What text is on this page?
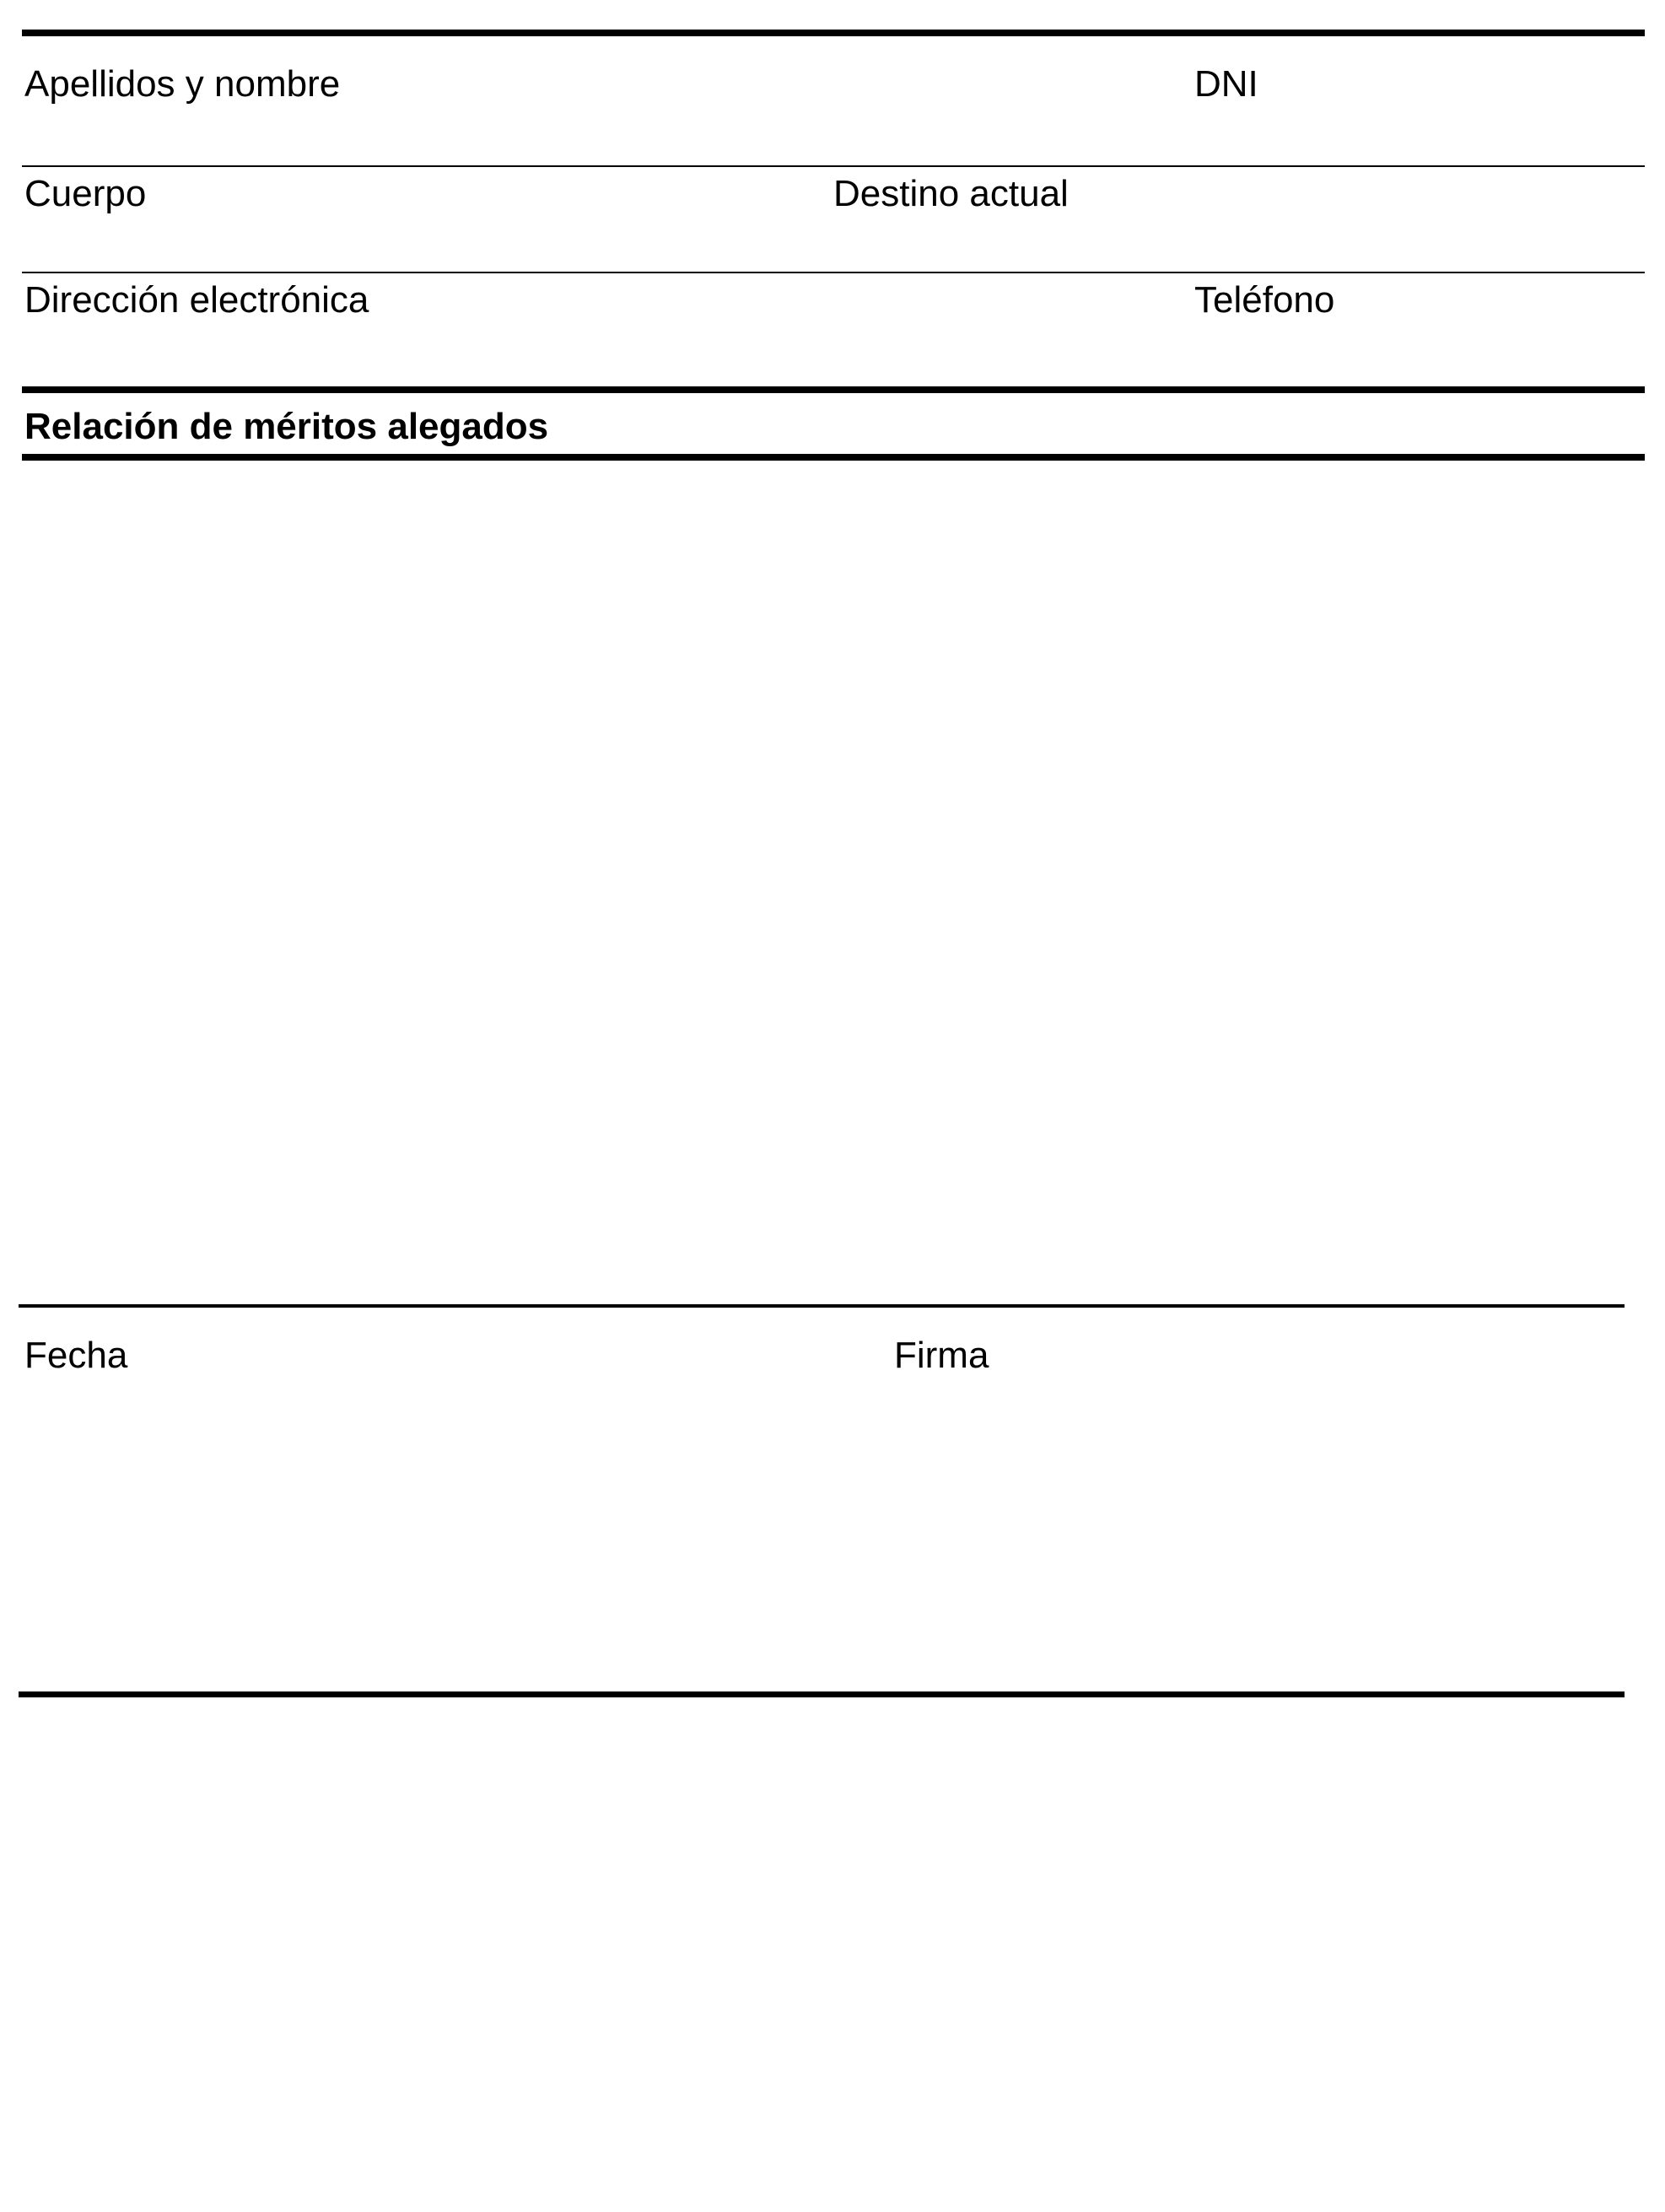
Apellidos y nombre	DNI
Cuerpo	Destino actual
Dirección electrónica	Teléfono
Relación de méritos alegados
Fecha	Firma
